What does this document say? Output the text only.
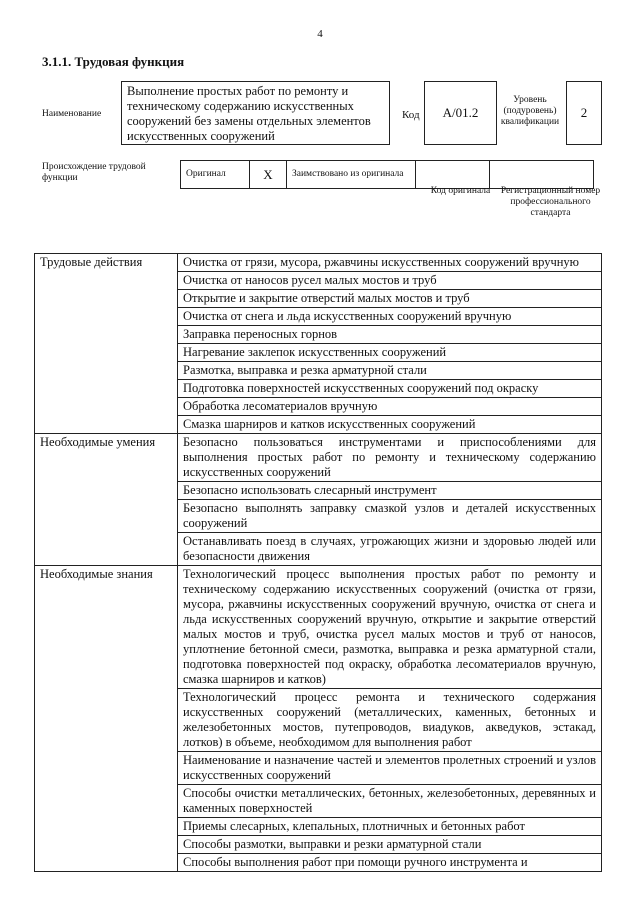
4
3.1.1. Трудовая функция
Наименование
Выполнение простых работ по ремонту и техническому содержанию искусственных сооружений без замены отдельных элементов искусственных сооружений
Код	А/01.2
Уровень (подуровень) квалификации
2
Происхождение трудовой функции	Оригинал	X	Заимствовано из оригинала		
Код оригинала	Регистрационный номер профессионального стандарта
Трудовые действия	Очистка от грязи, мусора, ржавчины искусственных сооружений вручную
	Очистка от наносов русел малых мостов и труб
	Открытие и закрытие отверстий малых мостов и труб
	Очистка от снега и льда искусственных сооружений вручную
	Заправка переносных горнов
	Нагревание заклепок искусственных сооружений
	Размотка, выправка и резка арматурной стали
	Подготовка поверхностей искусственных сооружений под окраску
	Обработка лесоматериалов вручную
	Смазка шарниров и катков искусственных сооружений
Необходимые умения	Безопасно пользоваться инструментами и приспособлениями для выполнения простых работ по ремонту и техническому содержанию искусственных сооружений
	Безопасно использовать слесарный инструмент
	Безопасно выполнять заправку смазкой узлов и деталей искусственных сооружений
	Останавливать поезд в случаях, угрожающих жизни и здоровью людей или безопасности движения
Необходимые знания	Технологический процесс выполнения простых работ по ремонту и техническому содержанию искусственных сооружений (очистка от грязи, мусора, ржавчины искусственных сооружений вручную, очистка от снега и льда искусственных сооружений вручную, открытие и закрытие отверстий малых мостов и труб, очистка русел малых мостов и труб от наносов, уплотнение бетонной смеси, размотка, выправка и резка арматурной стали, подготовка поверхностей под окраску, обработка лесоматериалов вручную, смазка шарниров и катков)
	Технологический процесс ремонта и технического содержания искусственных сооружений (металлических, каменных, бетонных и железобетонных мостов, путепроводов, виадуков, акведуков, эстакад, лотков) в объеме, необходимом для выполнения работ
	Наименование и назначение частей и элементов пролетных строений и узлов искусственных сооружений
	Способы очистки металлических, бетонных, железобетонных, деревянных и каменных поверхностей
	Приемы слесарных, клепальных, плотничных и бетонных работ
	Способы размотки, выправки и резки арматурной стали
	Способы выполнения работ при помощи ручного инструмента и
